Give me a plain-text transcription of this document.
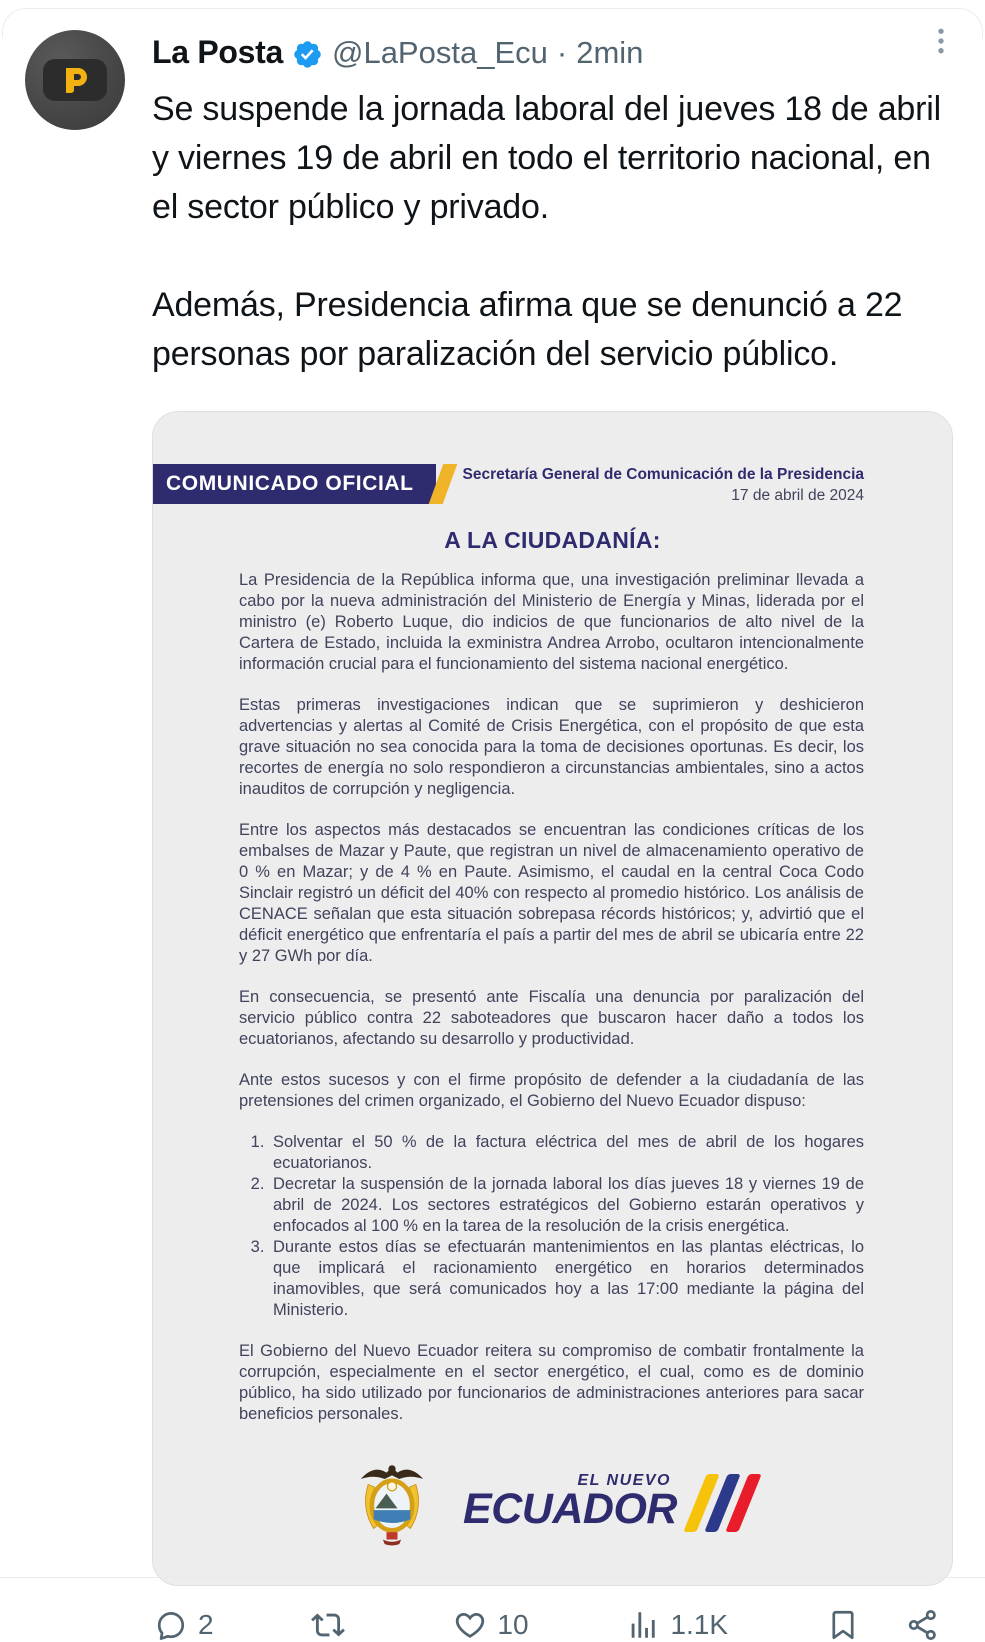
La Posta @LaPosta_Ecu · 2min

Se suspende la jornada laboral del jueves 18 de abril y viernes 19 de abril en todo el territorio nacional, en el sector público y privado.

Además, Presidencia afirma que se denunció a 22 personas por paralización del servicio público.

COMUNICADO OFICIAL	Secretaría General de Comunicación de la Presidencia
17 de abril de 2024
A LA CIUDADANÍA:

La Presidencia de la República informa que, una investigación preliminar llevada a cabo por la nueva administración del Ministerio de Energía y Minas, liderada por el ministro (e) Roberto Luque, dio indicios de que funcionarios de alto nivel de la Cartera de Estado, incluida la exministra Andrea Arrobo, ocultaron intencionalmente información crucial para el funcionamiento del sistema nacional energético.

Estas primeras investigaciones indican que se suprimieron y deshicieron advertencias y alertas al Comité de Crisis Energética, con el propósito de que esta grave situación no sea conocida para la toma de decisiones oportunas. Es decir, los recortes de energía no solo respondieron a circunstancias ambientales, sino a actos inauditos de corrupción y negligencia.

Entre los aspectos más destacados se encuentran las condiciones críticas de los embalses de Mazar y Paute, que registran un nivel de almacenamiento operativo de 0 % en Mazar; y de 4 % en Paute. Asimismo, el caudal en la central Coca Codo Sinclair registró un déficit del 40% con respecto al promedio histórico. Los análisis de CENACE señalan que esta situación sobrepasa récords históricos; y, advirtió que el déficit energético que enfrentaría el país a partir del mes de abril se ubicaría entre 22 y 27 GWh por día.

En consecuencia, se presentó ante Fiscalía una denuncia por paralización del servicio público contra 22 saboteadores que buscaron hacer daño a todos los ecuatorianos, afectando su desarrollo y productividad.

Ante estos sucesos y con el firme propósito de defender a la ciudadanía de las pretensiones del crimen organizado, el Gobierno del Nuevo Ecuador dispuso:

1. Solventar el 50 % de la factura eléctrica del mes de abril de los hogares ecuatorianos.
2. Decretar la suspensión de la jornada laboral los días jueves 18 y viernes 19 de abril de 2024. Los sectores estratégicos del Gobierno estarán operativos y enfocados al 100 % en la tarea de la resolución de la crisis energética.
3. Durante estos días se efectuarán mantenimientos en las plantas eléctricas, lo que implicará el racionamiento energético en horarios determinados inamovibles, que será comunicados hoy a las 17:00 mediante la página del Ministerio.

El Gobierno del Nuevo Ecuador reitera su compromiso de combatir frontalmente la corrupción, especialmente en el sector energético, el cual, como es de dominio público, ha sido utilizado por funcionarios de administraciones anteriores para sacar beneficios personales.

EL NUEVO
ECUADOR
2	10	1.1K
